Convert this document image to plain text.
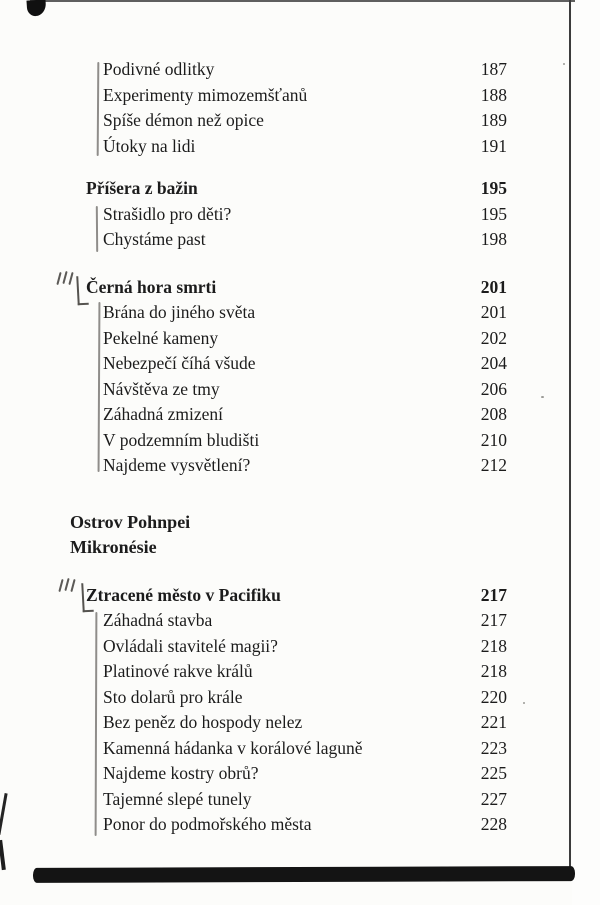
Podivné odlitky	187
Experimenty mimozemšťanů	188
Spíše démon než opice	189
Útoky na lidi	191
Příšera z bažin	195
Strašidlo pro děti?	195
Chystáme past	198
Černá hora smrti	201
Brána do jiného světa	201
Pekelné kameny	202
Nebezpečí číhá všude	204
Návštěva ze tmy	206
Záhadná zmizení	208
V podzemním bludišti	210
Najdeme vysvětlení?	212
Ostrov Pohnpei
Mikronésie
Ztracené město v Pacifiku	217
Záhadná stavba	217
Ovládali stavitelé magii?	218
Platinové rakve králů	218
Sto dolarů pro krále	220
Bez peněz do hospody nelez	221
Kamenná hádanka v korálové laguně	223
Najdeme kostry obrů?	225
Tajemné slepé tunely	227
Ponor do podmořského města	228
